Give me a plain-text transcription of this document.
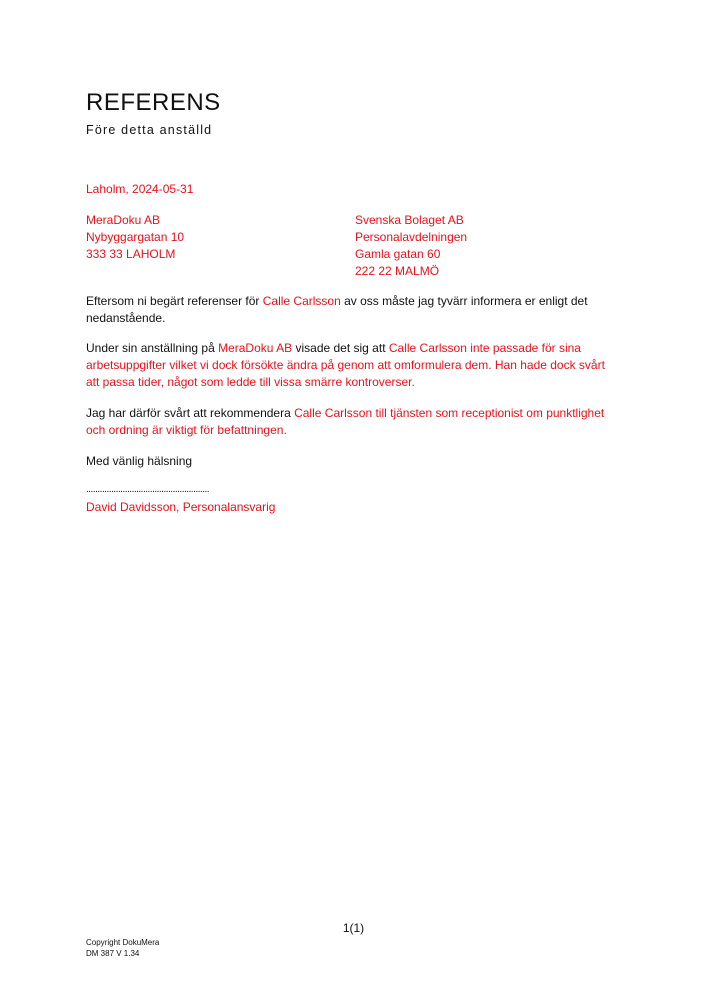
REFERENS
Före detta anställd
Laholm, 2024-05-31
MeraDoku AB
Nybyggargatan 10
333 33 LAHOLM
Svenska Bolaget AB
Personalavdelningen
Gamla gatan 60
222 22 MALMÖ

Eftersom ni begärt referenser för Calle Carlsson av oss måste jag tyvärr informera er enligt det nedanstående.

Under sin anställning på MeraDoku AB visade det sig att Calle Carlsson inte passade för sina arbetsuppgifter vilket vi dock försökte ändra på genom att omformulera dem. Han hade dock svårt att passa tider, något som ledde till vissa smärre kontroverser.

Jag har därför svårt att rekommendera Calle Carlsson till tjänsten som receptionist om punktlighet och ordning är viktigt för befattningen.

Med vänlig hälsning

......................................................
David Davidsson, Personalansvarig
1(1)
Copyright DokuMera
DM 387 V 1.34
